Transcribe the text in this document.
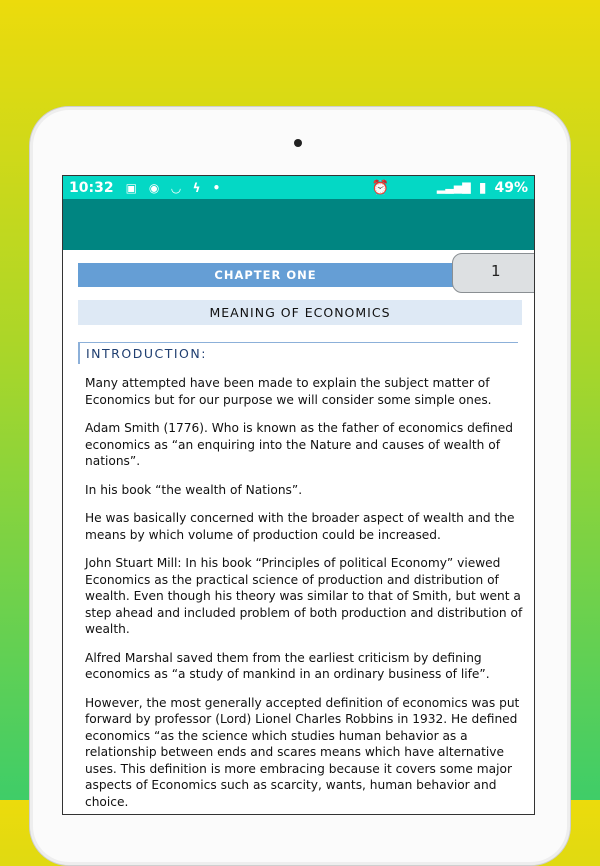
10:32 ▣ ◉ ◡ ϟ •	⏰	▂▃▅▇ ▮ 49%
CHAPTER ONE	1
MEANING OF ECONOMICS
INTRODUCTION:

Many attempted have been made to explain the subject matter of Economics but for our purpose we will consider some simple ones.

Adam Smith (1776). Who is known as the father of economics defined economics as “an enquiring into the Nature and causes of wealth of nations”.

In his book “the wealth of Nations”.

He was basically concerned with the broader aspect of wealth and the means by which volume of production could be increased.

John Stuart Mill: In his book “Principles of political Economy” viewed Economics as the practical science of production and distribution of wealth. Even though his theory was similar to that of Smith, but went a step ahead and included problem of both production and distribution of wealth.

Alfred Marshal saved them from the earliest criticism by defining economics as “a study of mankind in an ordinary business of life”.

However, the most generally accepted definition of economics was put forward by professor (Lord) Lionel Charles Robbins in 1932. He defined economics “as the science which studies human behavior as a relationship between ends and scares means which have alternative uses. This definition is more embracing because it covers some major aspects of Economics such as scarcity, wants, human behavior and choice.
